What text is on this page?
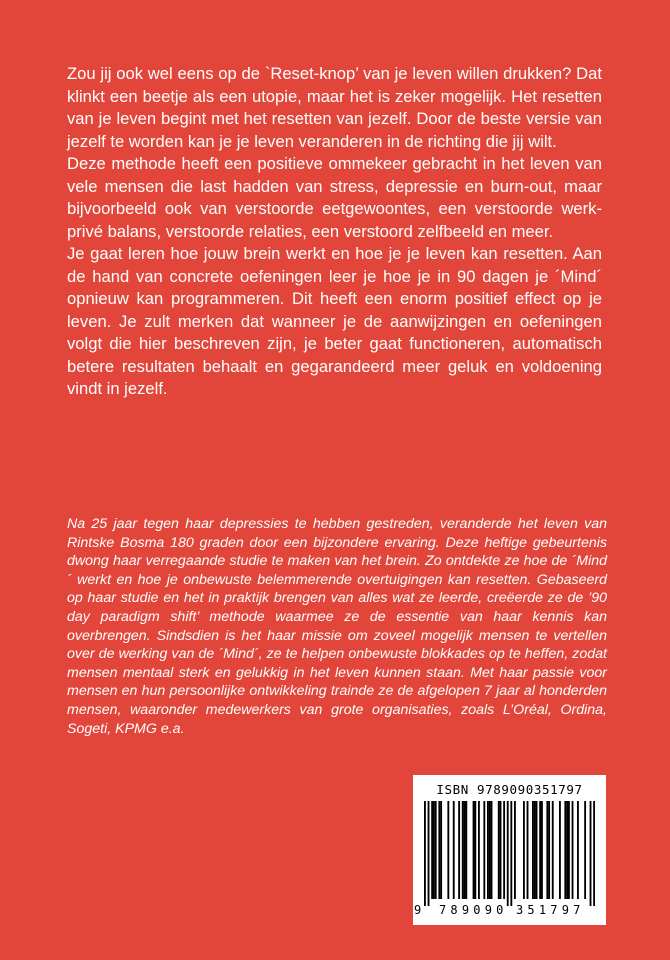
Zou jij ook wel eens op de `Reset-knop’ van je leven willen drukken? Dat klinkt een beetje als een utopie, maar het is zeker mogelijk. Het resetten van je leven begint met het resetten van jezelf. Door de beste versie van jezelf te worden kan je je leven veranderen in de richting die jij wilt.

Deze methode heeft een positieve ommekeer gebracht in het leven van vele mensen die last hadden van stress, depressie en burn-out, maar bijvoorbeeld ook van verstoorde eetgewoontes, een verstoorde werk-privé balans, verstoorde relaties, een verstoord zelfbeeld en meer.

Je gaat leren hoe jouw brein werkt en hoe je je leven kan resetten. Aan de hand van concrete oefeningen leer je hoe je in 90 dagen je ´Mind´ opnieuw kan programmeren. Dit heeft een enorm positief effect op je leven. Je zult merken dat wanneer je de aanwijzingen en oefeningen volgt die hier beschreven zijn, je beter gaat functioneren, automatisch betere resultaten behaalt en gegarandeerd meer geluk en voldoening vindt in jezelf.

Na 25 jaar tegen haar depressies te hebben gestreden, veranderde het leven van Rintske Bosma 180 graden door een bijzondere ervaring. Deze heftige gebeurtenis dwong haar verregaande studie te maken van het brein. Zo ontdekte ze hoe de ´Mind´ werkt en hoe je onbewuste belemmerende overtuigingen kan resetten. Gebaseerd op haar studie en het in praktijk brengen van alles wat ze leerde, creëerde ze de ’90 day paradigm shift’ methode waarmee ze de essentie van haar kennis kan overbrengen. Sindsdien is het haar missie om zoveel mogelijk mensen te vertellen over de werking van de ´Mind´, ze te helpen onbewuste blokkades op te heffen, zodat mensen mentaal sterk en gelukkig in het leven kunnen staan. Met haar passie voor mensen en hun persoonlijke ontwikkeling trainde ze de afgelopen 7 jaar al honderden mensen, waaronder medewerkers van grote organisaties, zoals L’Oréal, Ordina, Sogeti, KPMG e.a.

ISBN 9789090351797
9 789090 351797
